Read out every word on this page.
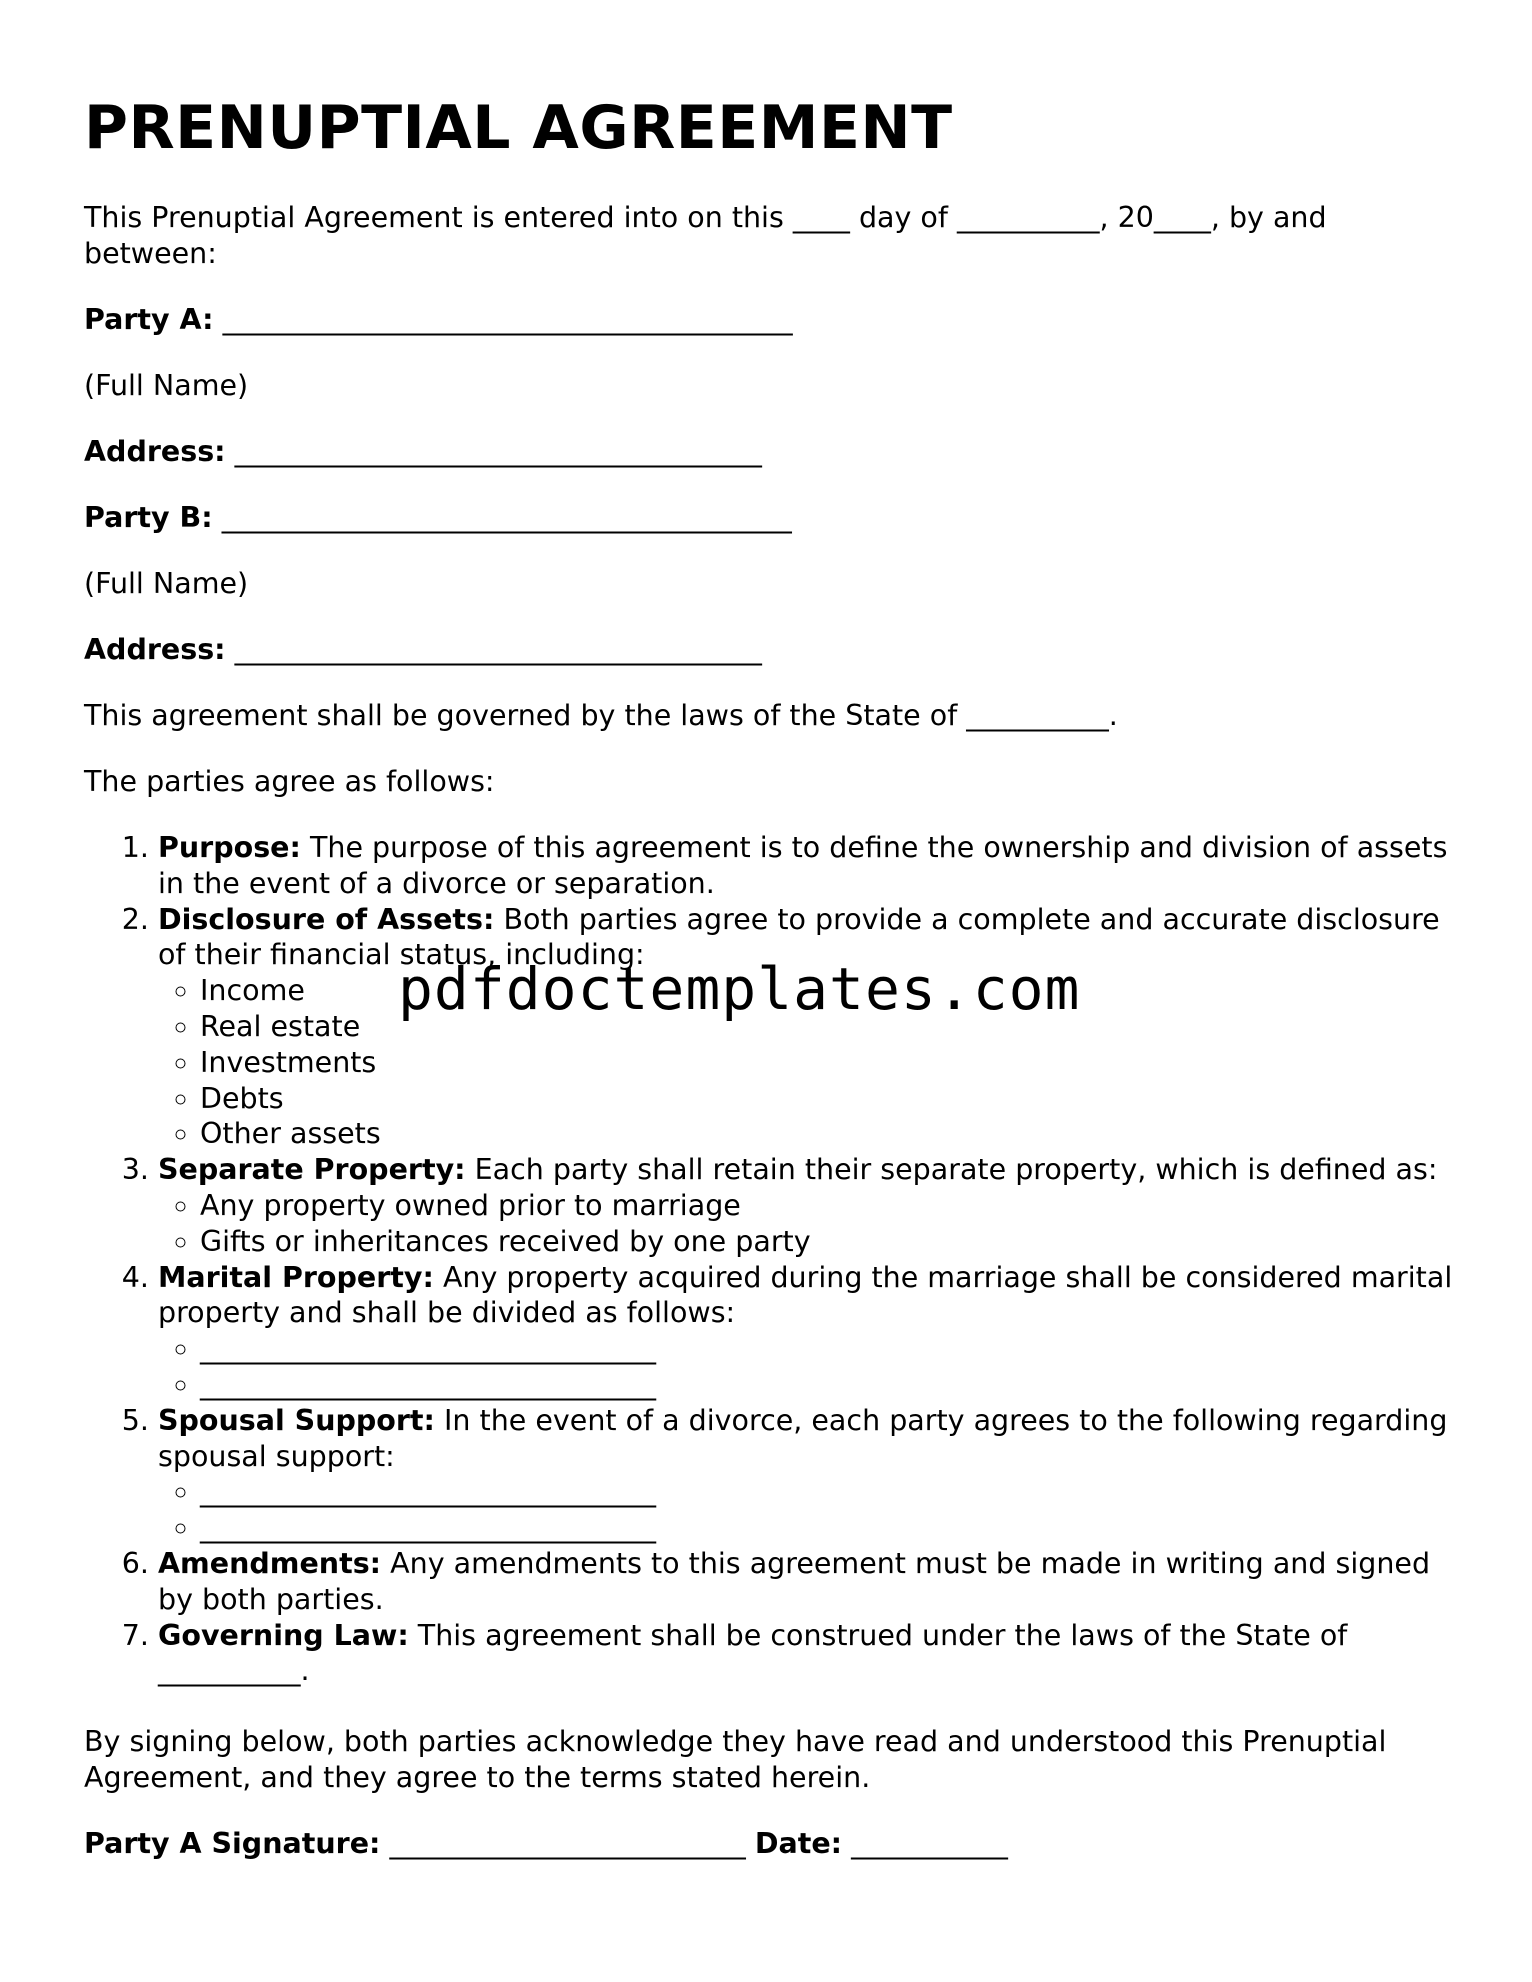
PRENUPTIAL AGREEMENT

This Prenuptial Agreement is entered into on this ____ day of __________, 20____, by and between:

Party A: ________________________________________

(Full Name)

Address: _____________________________________

Party B: ________________________________________

(Full Name)

Address: _____________________________________

This agreement shall be governed by the laws of the State of __________.

The parties agree as follows:

1. Purpose: The purpose of this agreement is to define the ownership and division of assets in the event of a divorce or separation.
2. Disclosure of Assets: Both parties agree to provide a complete and accurate disclosure of their financial status, including:
◦ Income
◦ Real estate
◦ Investments
◦ Debts
◦ Other assets
3. Separate Property: Each party shall retain their separate property, which is defined as:
◦ Any property owned prior to marriage
◦ Gifts or inheritances received by one party
4. Marital Property: Any property acquired during the marriage shall be considered marital property and shall be divided as follows:
◦ ________________________________
◦ ________________________________
5. Spousal Support: In the event of a divorce, each party agrees to the following regarding spousal support:
◦ ________________________________
◦ ________________________________
6. Amendments: Any amendments to this agreement must be made in writing and signed by both parties.
7. Governing Law: This agreement shall be construed under the laws of the State of __________.

By signing below, both parties acknowledge they have read and understood this Prenuptial Agreement, and they agree to the terms stated herein.

Party A Signature: _________________________ Date: ___________

pdfdoctemplates.com
